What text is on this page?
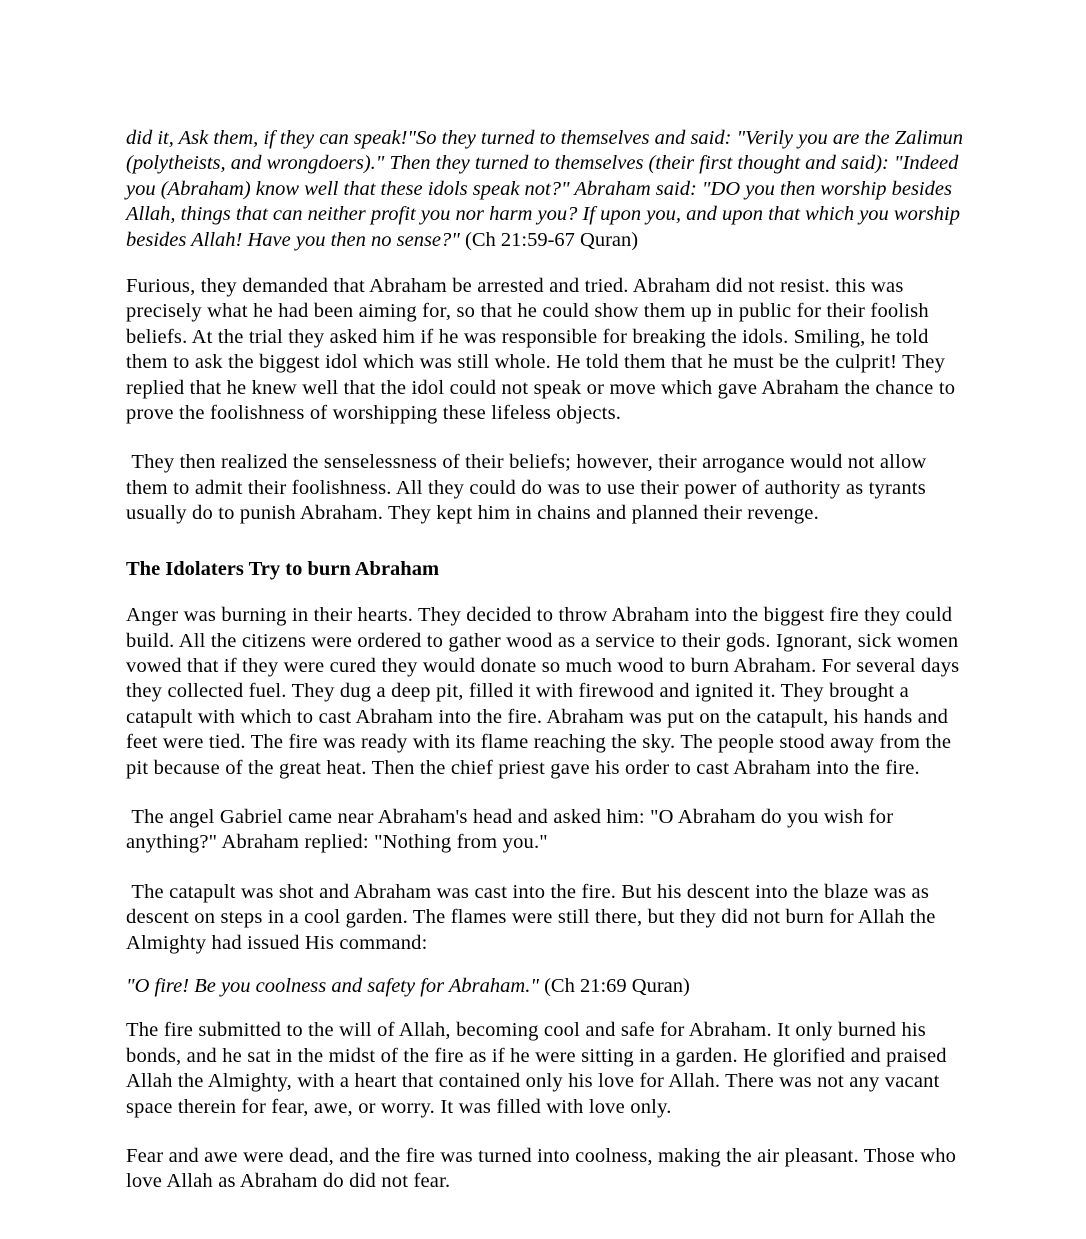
did it, Ask them, if they can speak!"So they turned to themselves and said: "Verily you are the Zalimun (polytheists, and wrongdoers)." Then they turned to themselves (their first thought and said): "Indeed you (Abraham) know well that these idols speak not?" Abraham said: "DO you then worship besides Allah, things that can neither profit you nor harm you? If upon you, and upon that which you worship besides Allah! Have you then no sense?" (Ch 21:59-67 Quran)

Furious, they demanded that Abraham be arrested and tried. Abraham did not resist. this was precisely what he had been aiming for, so that he could show them up in public for their foolish beliefs. At the trial they asked him if he was responsible for breaking the idols. Smiling, he told them to ask the biggest idol which was still whole. He told them that he must be the culprit! They replied that he knew well that the idol could not speak or move which gave Abraham the chance to prove the foolishness of worshipping these lifeless objects.

They then realized the senselessness of their beliefs; however, their arrogance would not allow them to admit their foolishness. All they could do was to use their power of authority as tyrants usually do to punish Abraham. They kept him in chains and planned their revenge.

The Idolaters Try to burn Abraham

Anger was burning in their hearts. They decided to throw Abraham into the biggest fire they could build. All the citizens were ordered to gather wood as a service to their gods. Ignorant, sick women vowed that if they were cured they would donate so much wood to burn Abraham. For several days they collected fuel. They dug a deep pit, filled it with firewood and ignited it. They brought a catapult with which to cast Abraham into the fire. Abraham was put on the catapult, his hands and feet were tied. The fire was ready with its flame reaching the sky. The people stood away from the pit because of the great heat. Then the chief priest gave his order to cast Abraham into the fire.

The angel Gabriel came near Abraham's head and asked him: "O Abraham do you wish for anything?" Abraham replied: "Nothing from you."

The catapult was shot and Abraham was cast into the fire. But his descent into the blaze was as descent on steps in a cool garden. The flames were still there, but they did not burn for Allah the Almighty had issued His command:

"O fire! Be you coolness and safety for Abraham." (Ch 21:69 Quran)

The fire submitted to the will of Allah, becoming cool and safe for Abraham. It only burned his bonds, and he sat in the midst of the fire as if he were sitting in a garden. He glorified and praised Allah the Almighty, with a heart that contained only his love for Allah. There was not any vacant space therein for fear, awe, or worry. It was filled with love only.

Fear and awe were dead, and the fire was turned into coolness, making the air pleasant. Those who love Allah as Abraham do did not fear.
